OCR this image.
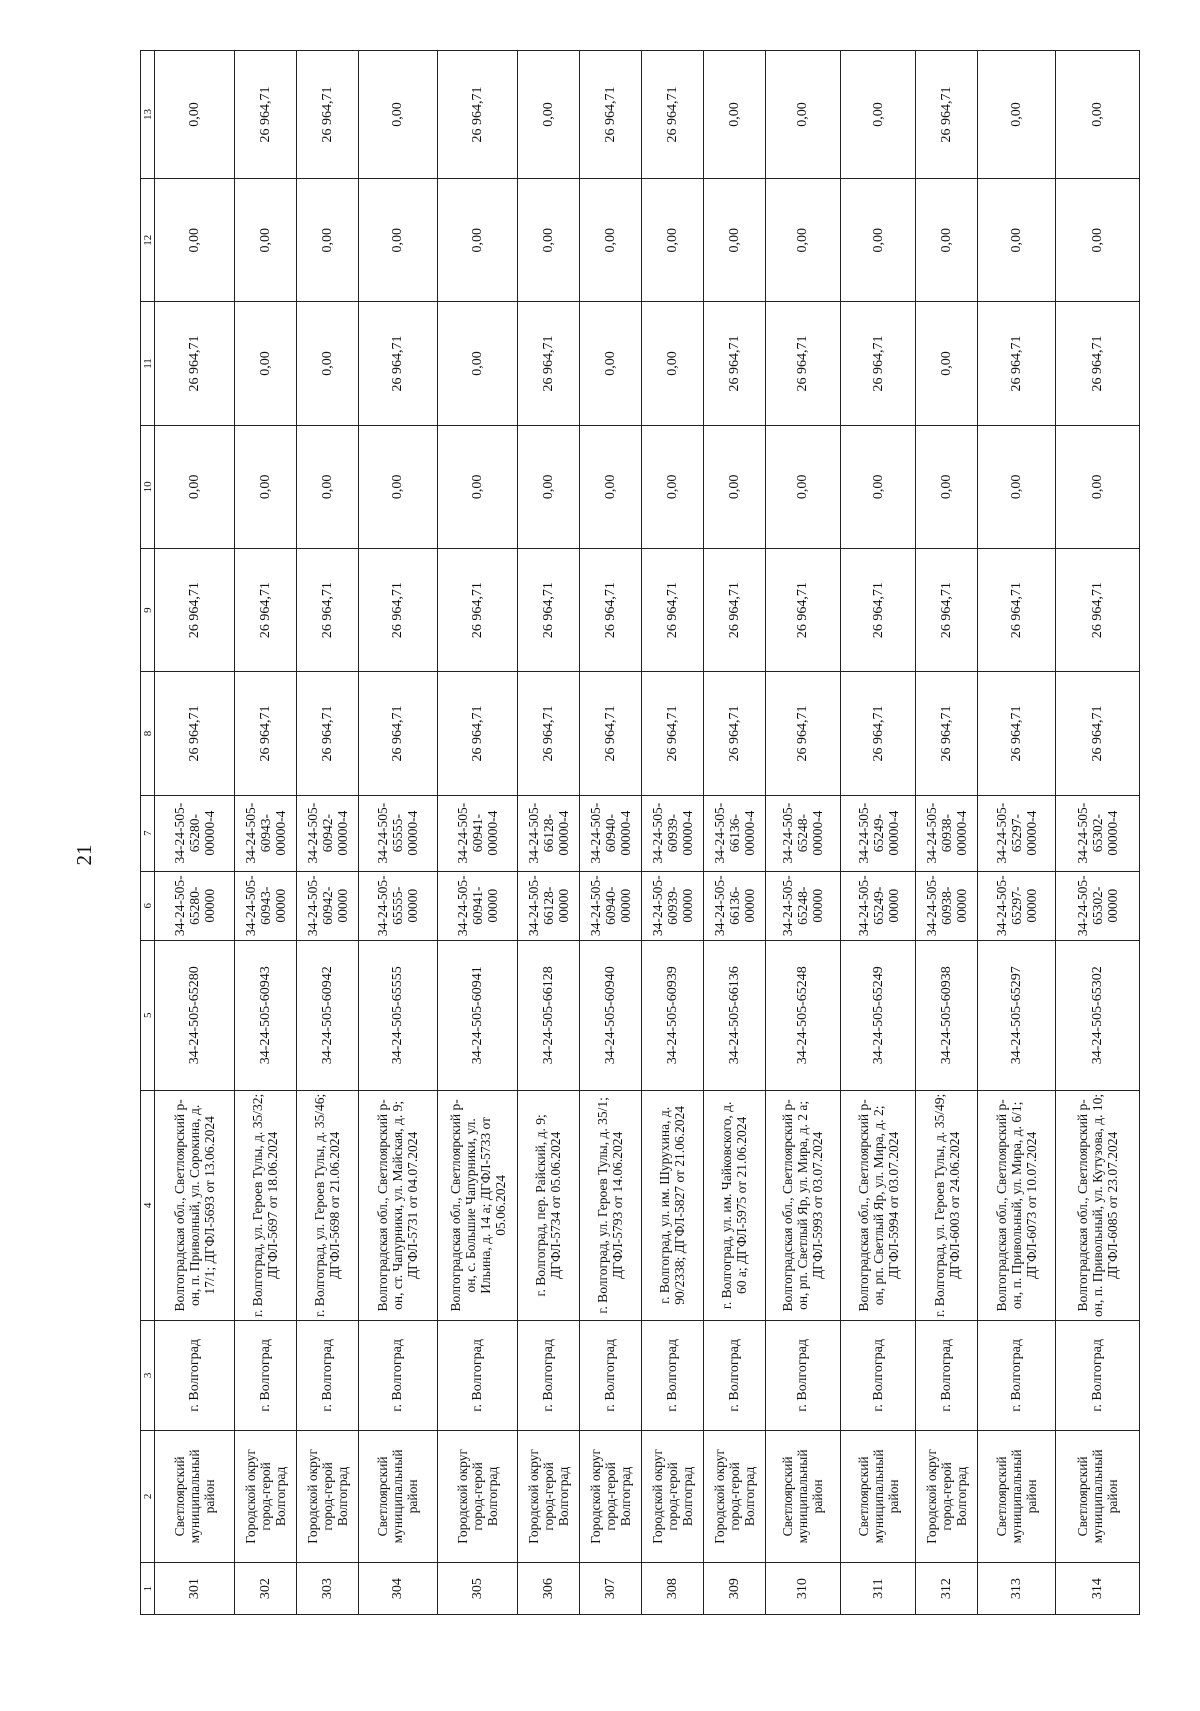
21
1	2	3	4	5	6	7	8	9	10	11	12	13
301	Светлоярский муниципальный район	г. Волгоград	Волгоградская обл., Светлоярский р-он, п. Приволный, ул. Сорокина, д. 17/1; ДГФЛ-5693 от 13.06.2024	34-24-505-65280	34-24-505-65280-00000	34-24-505-65280-00000-4	26 964,71	26 964,71	0,00	26 964,71	0,00	0,00
302	Городской округ город-герой Волгоград	г. Волгоград	г. Волгоград, ул. Героев Тулы, д. 35/32; ДГФЛ-5697 от 18.06.2024	34-24-505-60943	34-24-505-60943-00000	34-24-505-60943-00000-4	26 964,71	26 964,71	0,00	0,00	0,00	26 964,71
303	Городской округ город-герой Волгоград	г. Волгоград	г. Волгоград, ул. Героев Тулы, д. 35/46; ДГФЛ-5698 от 21.06.2024	34-24-505-60942	34-24-505-60942-00000	34-24-505-60942-00000-4	26 964,71	26 964,71	0,00	0,00	0,00	26 964,71
304	Светлоярский муниципальный район	г. Волгоград	Волгоградская обл., Светлоярский р-он, ст. Чапурники, ул. Майская, д. 9; ДГФЛ-5731 от 04.07.2024	34-24-505-65555	34-24-505-65555-00000	34-24-505-65555-00000-4	26 964,71	26 964,71	0,00	26 964,71	0,00	0,00
305	Городской округ город-герой Волгоград	г. Волгоград	Волгоградская обл., Светлоярский р-он, с. Большие Чапурники, ул. Ильина, д. 14 а; ДГФЛ-5733 от 05.06.2024	34-24-505-60941	34-24-505-60941-00000	34-24-505-60941-00000-4	26 964,71	26 964,71	0,00	0,00	0,00	26 964,71
306	Городской округ город-герой Волгоград	г. Волгоград	г. Волгоград, пер. Райский, д. 9; ДГФЛ-5734 от 05.06.2024	34-24-505-66128	34-24-505-66128-00000	34-24-505-66128-00000-4	26 964,71	26 964,71	0,00	26 964,71	0,00	0,00
307	Городской округ город-герой Волгоград	г. Волгоград	г. Волгоград, ул. Героев Тулы, д. 35/1; ДГФЛ-5793 от 14.06.2024	34-24-505-60940	34-24-505-60940-00000	34-24-505-60940-00000-4	26 964,71	26 964,71	0,00	0,00	0,00	26 964,71
308	Городской округ город-герой Волгоград	г. Волгоград	г. Волгоград, ул. им. Шурухина, д. 90/2338; ДГФЛ-5827 от 21.06.2024	34-24-505-60939	34-24-505-60939-00000	34-24-505-60939-00000-4	26 964,71	26 964,71	0,00	0,00	0,00	26 964,71
309	Городской округ город-герой Волгоград	г. Волгоград	г. Волгоград, ул. им. Чайковского, д. 60 а; ДГФЛ-5975 от 21.06.2024	34-24-505-66136	34-24-505-66136-00000	34-24-505-66136-00000-4	26 964,71	26 964,71	0,00	26 964,71	0,00	0,00
310	Светлоярский муниципальный район	г. Волгоград	Волгоградская обл., Светлоярский р-он, рп. Светлый Яр, ул. Мира, д. 2 а; ДГФЛ-5993 от 03.07.2024	34-24-505-65248	34-24-505-65248-00000	34-24-505-65248-00000-4	26 964,71	26 964,71	0,00	26 964,71	0,00	0,00
311	Светлоярский муниципальный район	г. Волгоград	Волгоградская обл., Светлоярский р-он, рп. Светлый Яр, ул. Мира, д. 2; ДГФЛ-5994 от 03.07.2024	34-24-505-65249	34-24-505-65249-00000	34-24-505-65249-00000-4	26 964,71	26 964,71	0,00	26 964,71	0,00	0,00
312	Городской округ город-герой Волгоград	г. Волгоград	г. Волгоград, ул. Героев Тулы, д. 35/49; ДГФЛ-6003 от 24.06.2024	34-24-505-60938	34-24-505-60938-00000	34-24-505-60938-00000-4	26 964,71	26 964,71	0,00	0,00	0,00	26 964,71
313	Светлоярский муниципальный район	г. Волгоград	Волгоградская обл., Светлоярский р-он, п. Привольный, ул. Мира, д. 6/1; ДГФЛ-6073 от 10.07.2024	34-24-505-65297	34-24-505-65297-00000	34-24-505-65297-00000-4	26 964,71	26 964,71	0,00	26 964,71	0,00	0,00
314	Светлоярский муниципальный район	г. Волгоград	Волгоградская обл., Светлоярский р-он, п. Привольный, ул. Кутузова, д. 10; ДГФЛ-6085 от 23.07.2024	34-24-505-65302	34-24-505-65302-00000	34-24-505-65302-00000-4	26 964,71	26 964,71	0,00	26 964,71	0,00	0,00
